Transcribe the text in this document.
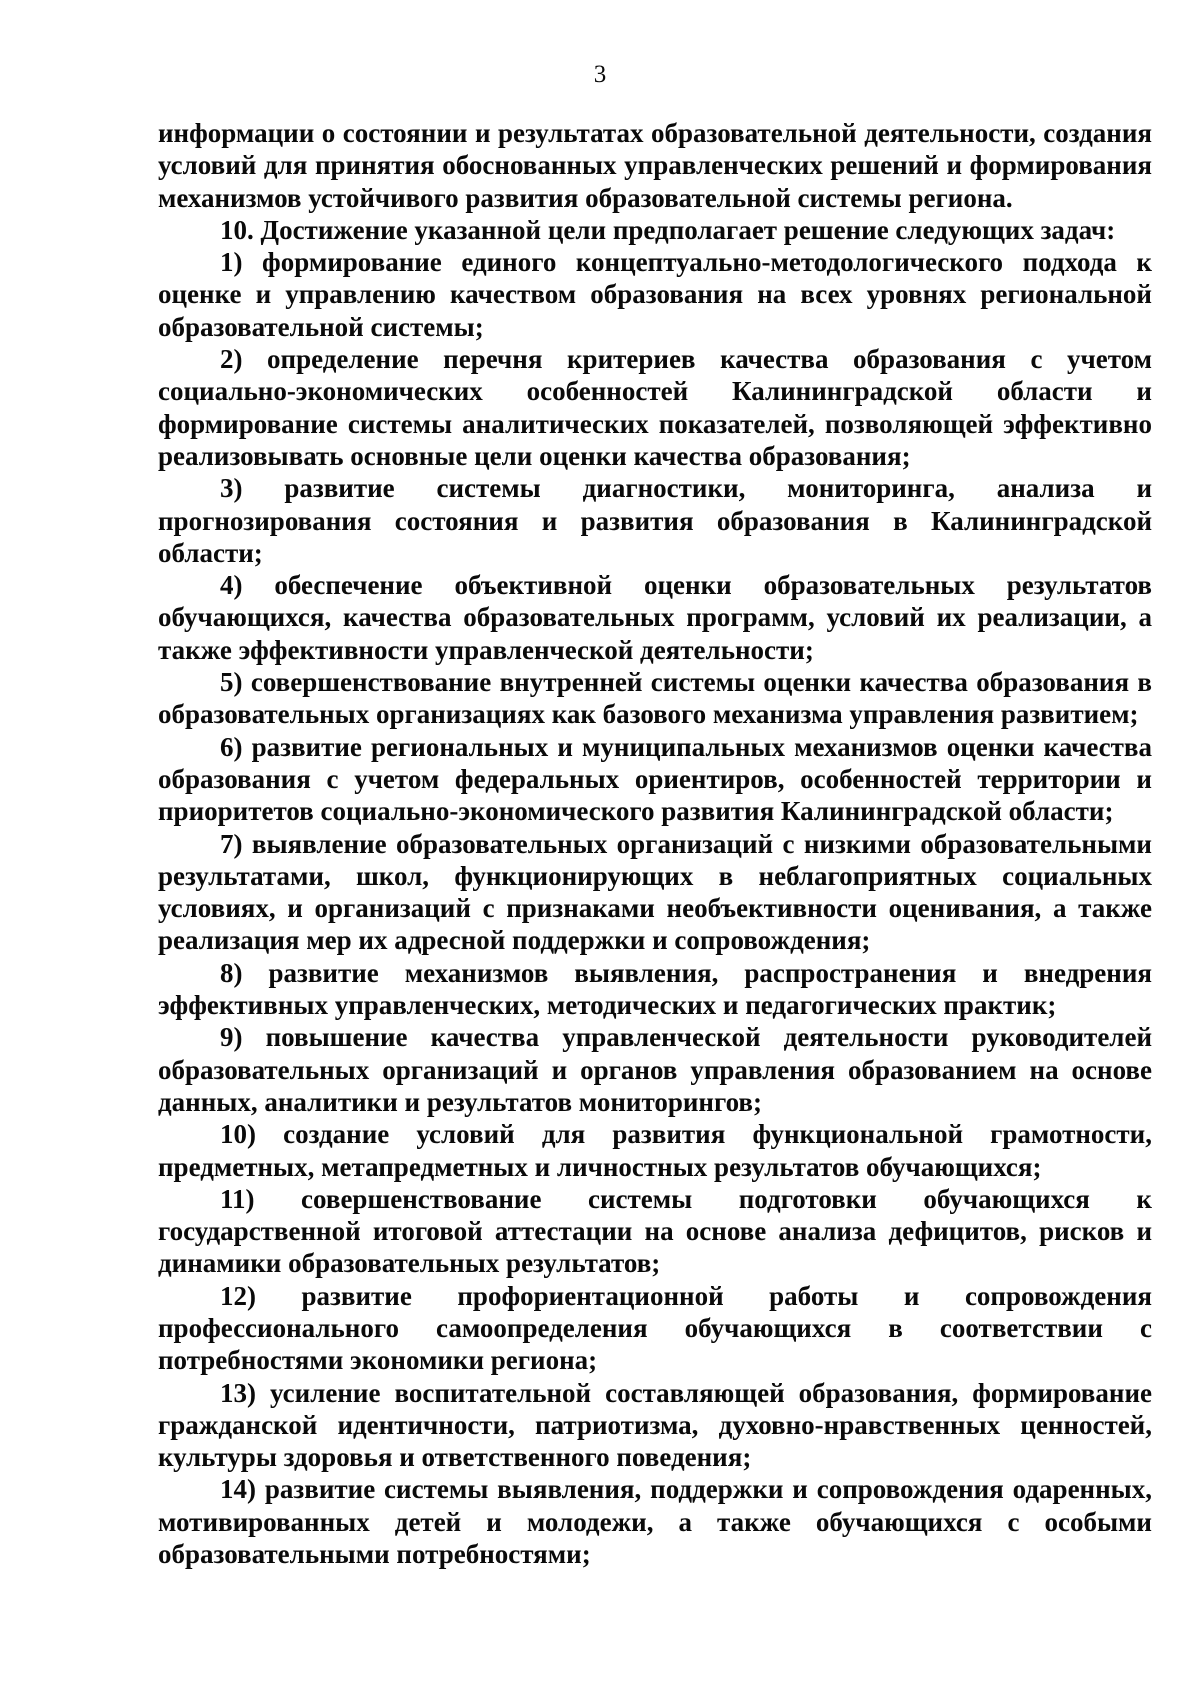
3

информации о состоянии и результатах образовательной деятельности, создания условий для принятия обоснованных управленческих решений и формирования механизмов устойчивого развития образовательной системы региона.

10. Достижение указанной цели предполагает решение следующих задач:

1) формирование единого концептуально-методологического подхода к оценке и управлению качеством образования на всех уровнях региональной образовательной системы;

2) определение перечня критериев качества образования с учетом социально-экономических особенностей Калининградской области и формирование системы аналитических показателей, позволяющей эффективно реализовывать основные цели оценки качества образования;

3) развитие системы диагностики, мониторинга, анализа и прогнозирования состояния и развития образования в Калининградской области;

4) обеспечение объективной оценки образовательных результатов обучающихся, качества образовательных программ, условий их реализации, а также эффективности управленческой деятельности;

5) совершенствование внутренней системы оценки качества образования в образовательных организациях как базового механизма управления развитием;

6) развитие региональных и муниципальных механизмов оценки качества образования с учетом федеральных ориентиров, особенностей территории и приоритетов социально-экономического развития Калининградской области;

7) выявление образовательных организаций с низкими образовательными результатами, школ, функционирующих в неблагоприятных социальных условиях, и организаций с признаками необъективности оценивания, а также реализация мер их адресной поддержки и сопровождения;

8) развитие механизмов выявления, распространения и внедрения эффективных управленческих, методических и педагогических практик;

9) повышение качества управленческой деятельности руководителей образовательных организаций и органов управления образованием на основе данных, аналитики и результатов мониторингов;

10) создание условий для развития функциональной грамотности, предметных, метапредметных и личностных результатов обучающихся;

11) совершенствование системы подготовки обучающихся к государственной итоговой аттестации на основе анализа дефицитов, рисков и динамики образовательных результатов;

12) развитие профориентационной работы и сопровождения профессионального самоопределения обучающихся в соответствии с потребностями экономики региона;

13) усиление воспитательной составляющей образования, формирование гражданской идентичности, патриотизма, духовно-нравственных ценностей, культуры здоровья и ответственного поведения;

14) развитие системы выявления, поддержки и сопровождения одаренных, мотивированных детей и молодежи, а также обучающихся с особыми образовательными потребностями;
